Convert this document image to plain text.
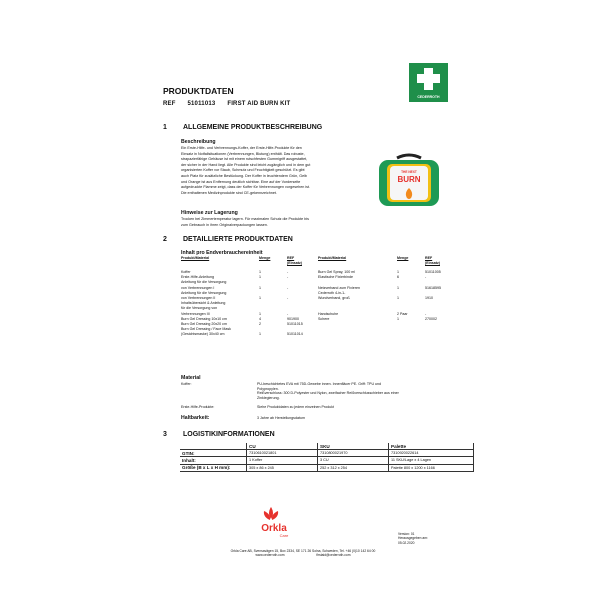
PRODUKTDATEN
REF 51011013 FIRST AID BURN KIT
CEDERROTH
1 ALLGEMEINE PRODUKTBESCHREIBUNG
Beschreibung
Ein Erste-Hilfe- und Verbrennungs-Koffer, der Erste-Hilfe-Produkte für den
Einsatz in Notfallsituationen (Verbrennungen, Blutung) enthält. Das robuste,
strapazierfähige Gehäuse ist mit einem rutschfesten Gummigriff ausgestattet,
der sicher in der Hand liegt. Alle Produkte sind leicht zugänglich und in dem gut
organisierten Koffer vor Staub, Schmutz und Feuchtigkeit geschützt. Es gibt
auch Platz für zusätzliche Bestückung. Der Koffer in leuchtendem Grün, Gelb
und Orange ist aus Entfernung deutlich sichtbar. Eine auf der Vorderseite
aufgedruckte Flamme zeigt, dass der Koffer für Verbrennungen vorgesehen ist.
Die enthaltenen Medizinprodukte sind CE-gekennzeichnet.
Hinweise zur Lagerung
Trocken bei Zimmertemperatur lagern. Für maximalen Schutz die Produkte bis
zum Gebrauch in ihren Originalverpackungen lassen.
THE NEXT
BURN
2 DETAILLIERTE PRODUKTDATEN
Inhalt pro Endverbrauchereinheit
Produkt/Material	Menge	REF
(Einsatz)
Produkt/Material	Menge	REF
(Einsatz)
Koffer	1	-
Erste-Hilfe-Anleitung	1	-
Anleitung für die Versorgung
von Verbrennungen I	1	-
Anleitung für die Versorgung
von Verbrennungen II	1	-
Inhaltsübersicht & Anleitung
für die Versorgung von
Verbrennungen III	1	-
Burn Gel Dressing 10x10 cm	4	901900
Burn Gel Dressing 20x20 cm	2	51011015
Burn Gel Dressing / Face Mask
(Gesichtsmaske) 30x40 cm	1	51011014
Burn Gel Spray, 100 ml	1	51011005
Elastische Fixierbinde	6	-
Netzverband zum Fixieren	1	51618595
Cederroth 4-in-1-
Wundverband, groß	1	1910
Handschuhe	2 Paar	-
Schere	1	270002
Material
Koffer:	PU-beschichtetes EVA mit 75D-Gewebe innen. Innenfläcer PE. Griff: TPU und
Polypropylen.
Reißverschluss: 300 D-Polyester und Nylon, zweifacher Reißverschlusschieber aus einer
Zinklegierung.
Erste-Hilfe-Produkte:	Siehe Produktdaten zu jedem einzelnen Produkt
Haltbarkeit:	3 Jahre ab Herstellungsdatum
3 LOGISTIKINFORMATIONEN
	CU	SKU	Palette
GTIN:	7310610021801	7310800021970	7310920022614
Inhalt:	1 Koffer	3 CU	11 SKU/Lage x 4 Lagen
Größe (B x L x H mm):	305 x 86 x 245	252 x 312 x 254	Palette 800 x 1200 x 1166
Orkla
Care	Version: 01
Herausgegeben am:
05.02.2020
Orkla Care AB, Svensavägen 15, Box 2334, SE 171 26 Solna, Schweden, Tel. +46 (0)10 142 64 00
www.cederroth.com	firstaid@cederroth.com
